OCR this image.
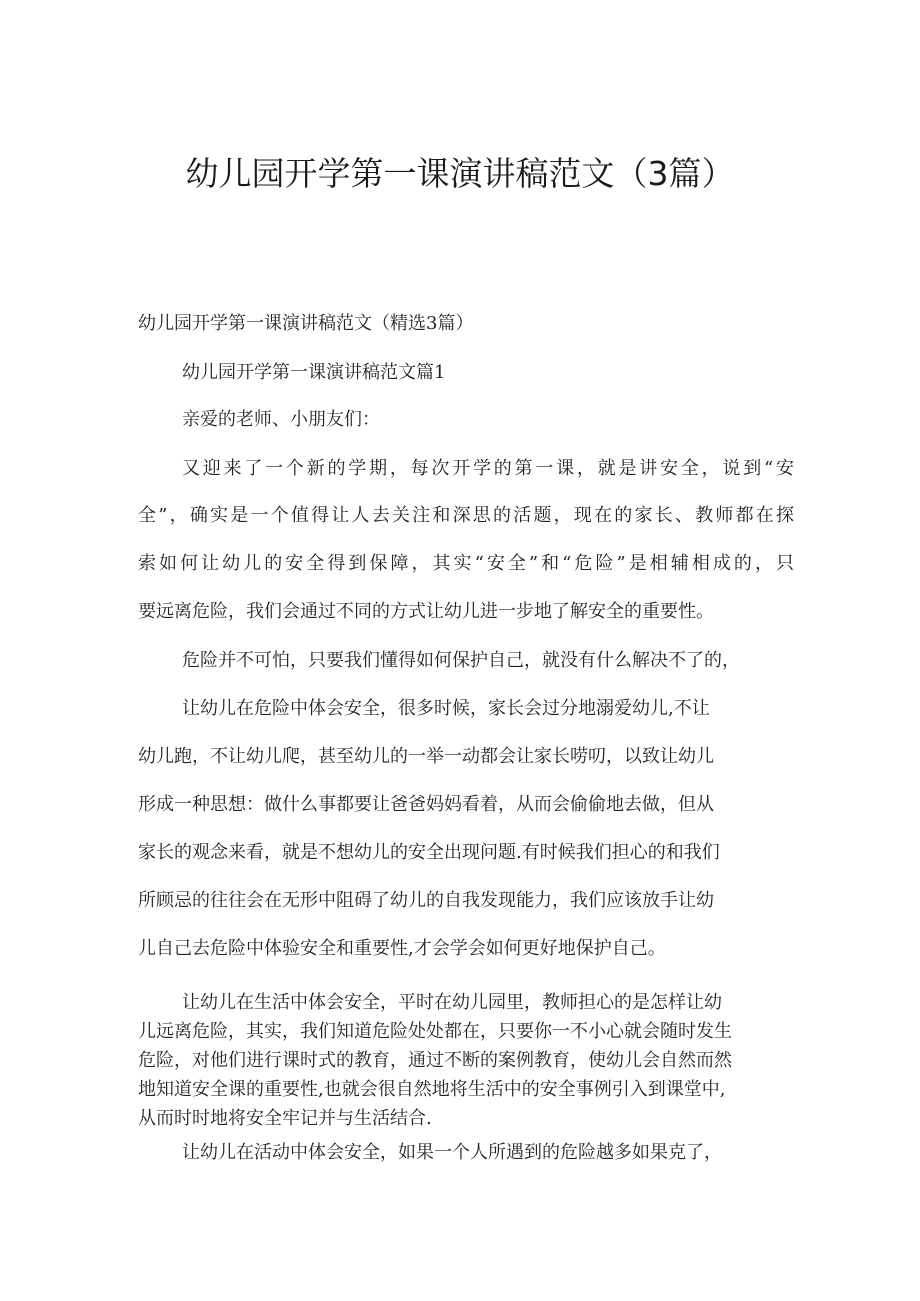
幼儿园开学第一课演讲稿范文（3篇）
幼儿园开学第一课演讲稿范文（精选3篇）
幼儿园开学第一课演讲稿范文篇1
亲爱的老师、小朋友们：
又迎来了一个新的学期，每次开学的第一课，就是讲安全，说到“安
全”，确实是一个值得让人去关注和深思的活题，现在的家长、教师都在探
索如何让幼儿的安全得到保障，其实“安全”和“危险”是相辅相成的，只
要远离危险，我们会通过不同的方式让幼儿进一步地了解安全的重要性。
危险并不可怕，只要我们懂得如何保护自己，就没有什么解决不了的，
让幼儿在危险中体会安全，很多时候，家长会过分地溺爱幼儿,不让
幼儿跑，不让幼儿爬，甚至幼儿的一举一动都会让家长唠叨，以致让幼儿
形成一种思想：做什么事都要让爸爸妈妈看着，从而会偷偷地去做，但从
家长的观念来看，就是不想幼儿的安全出现问题.有时候我们担心的和我们
所顾忌的往往会在无形中阻碍了幼儿的自我发现能力，我们应该放手让幼
儿自己去危险中体验安全和重要性,才会学会如何更好地保护自己。
让幼儿在生活中体会安全，平时在幼儿园里，教师担心的是怎样让幼
儿远离危险，其实，我们知道危险处处都在，只要你一不小心就会随时发生
危险，对他们进行课时式的教育，通过不断的案例教育，使幼儿会自然而然
地知道安全课的重要性,也就会很自然地将生活中的安全事例引入到课堂中,
从而时时地将安全牢记并与生活结合.
让幼儿在活动中体会安全，如果一个人所遇到的危险越多如果克了，
